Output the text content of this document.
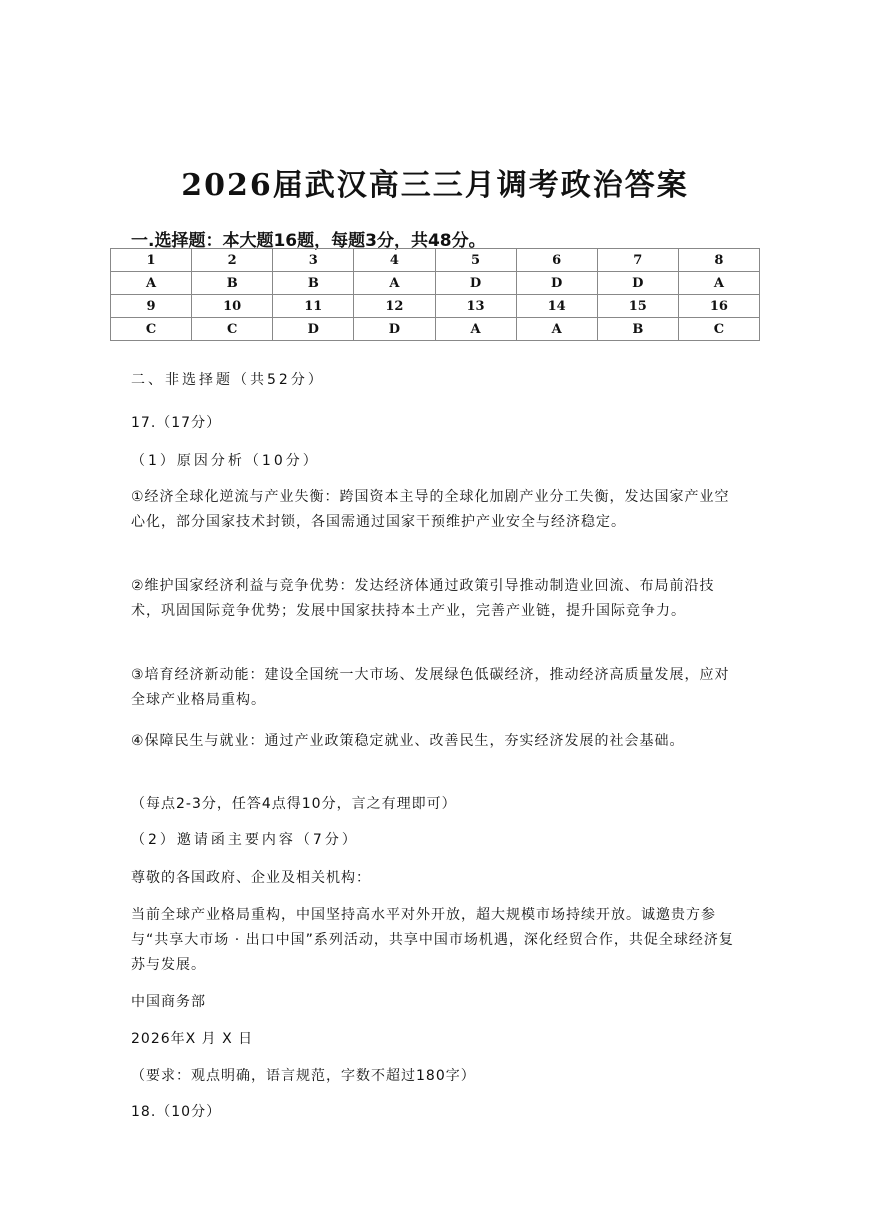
2026届武汉高三三月调考政治答案
一.选择题：本大题16题，每题3分，共48分。
1	2	3	4	5	6	7	8
A	B	B	A	D	D	D	A
9	10	11	12	13	14	15	16
C	C	D	D	A	A	B	C
二、非选择题（共52分）
17.（17分）
（1）原因分析（10分）
①经济全球化逆流与产业失衡：跨国资本主导的全球化加剧产业分工失衡，发达国家产业空心化，部分国家技术封锁，各国需通过国家干预维护产业安全与经济稳定。
②维护国家经济利益与竞争优势：发达经济体通过政策引导推动制造业回流、布局前沿技术，巩固国际竞争优势；发展中国家扶持本土产业，完善产业链，提升国际竞争力。
③培育经济新动能：建设全国统一大市场、发展绿色低碳经济，推动经济高质量发展，应对全球产业格局重构。
④保障民生与就业：通过产业政策稳定就业、改善民生，夯实经济发展的社会基础。
（每点2-3分，任答4点得10分，言之有理即可）
（2）邀请函主要内容（7分）
尊敬的各国政府、企业及相关机构：
当前全球产业格局重构，中国坚持高水平对外开放，超大规模市场持续开放。诚邀贵方参与“共享大市场 · 出口中国”系列活动，共享中国市场机遇，深化经贸合作，共促全球经济复苏与发展。
中国商务部
2026年X 月 X 日
（要求：观点明确，语言规范，字数不超过180字）
18.（10分）
